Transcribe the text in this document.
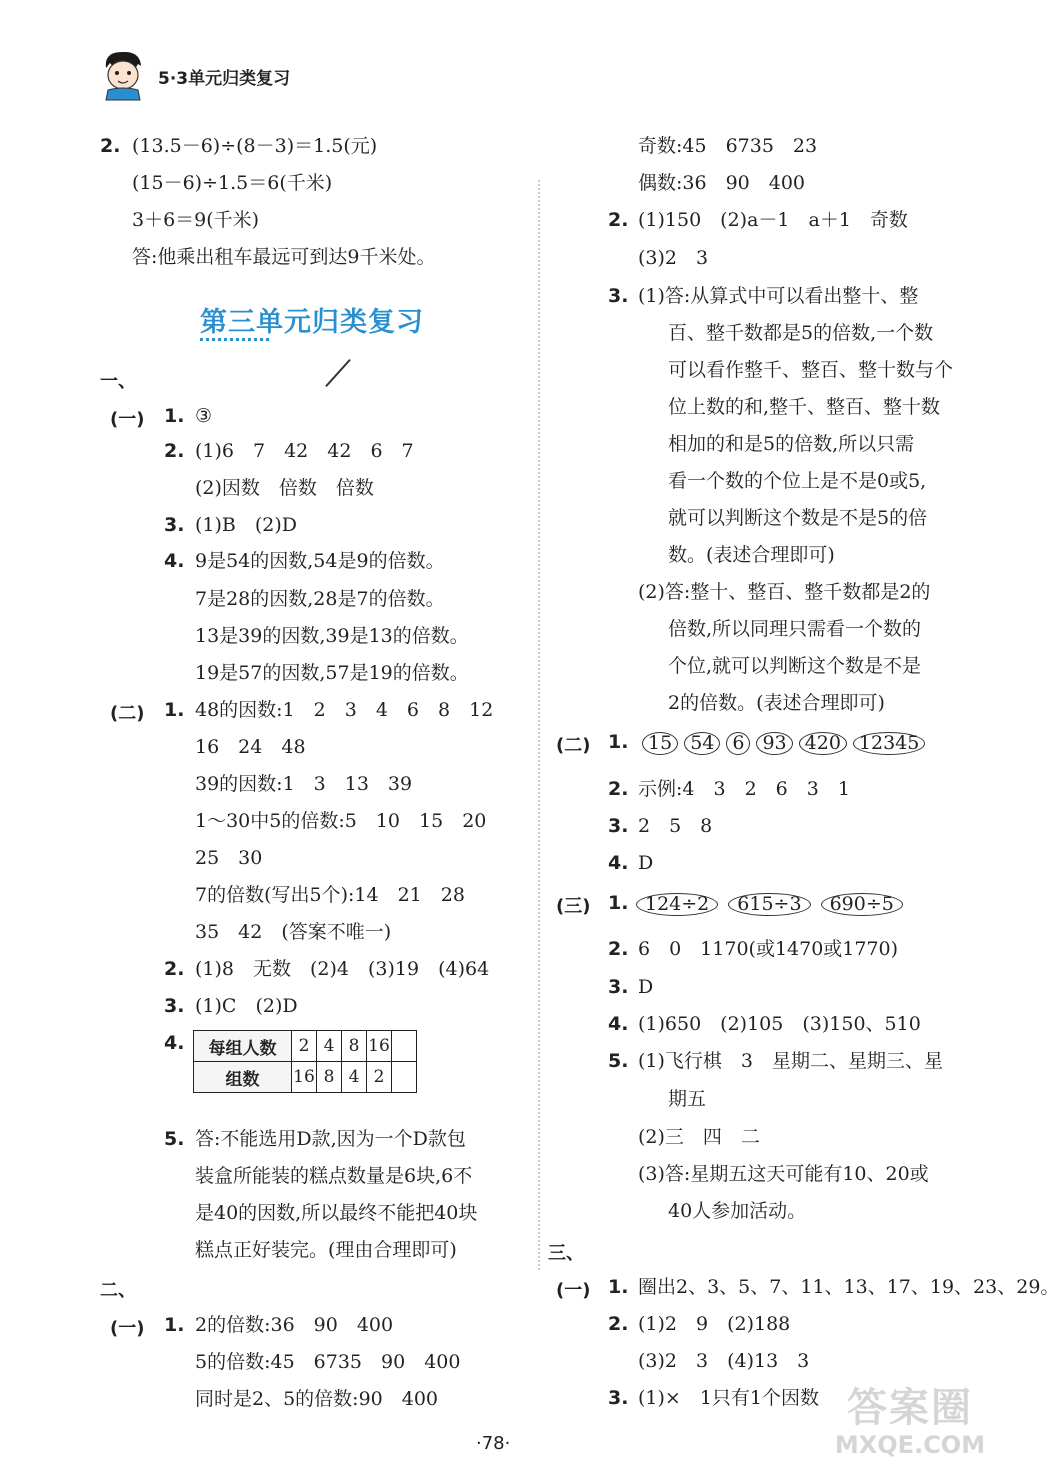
5·3单元归类复习
2. (13.5－6)÷(8－3)＝1.5(元)
(15－6)÷1.5＝6(千米)
3＋6＝9(千米)
答:他乘出租车最远可到达9千米处。
第三单元归类复习
一、
(一) 1. ③
2. (1)6　7　42　42　6　7
(2)因数　倍数　倍数
3. (1)B　(2)D
4. 9是54的因数,54是9的倍数。
7是28的因数,28是7的倍数。
13是39的因数,39是13的倍数。
19是57的因数,57是19的倍数。
(二) 1. 48的因数:1　2　3　4　6　8　12
16　24　48
39的因数:1　3　13　39
1～30中5的倍数:5　10　15　20
25　30
7的倍数(写出5个):14　21　28
35　42　(答案不唯一)
2. (1)8　无数　(2)4　(3)19　(4)64
3. (1)C　(2)D
4. 每组人数	2	4	8	16	
组数	16	8	4	2	
5. 答:不能选用D款,因为一个D款包
装盒所能装的糕点数量是6块,6不
是40的因数,所以最终不能把40块
糕点正好装完。(理由合理即可)
二、
(一) 1. 2的倍数:36　90　400
5的倍数:45　6735　90　400
同时是2、5的倍数:90　400
奇数:45　6735　23
偶数:36　90　400
2. (1)150　(2)a－1　a＋1　奇数
(3)2　3
3. (1)答:从算式中可以看出整十、整
百、整千数都是5的倍数,一个数
可以看作整千、整百、整十数与个
位上数的和,整千、整百、整十数
相加的和是5的倍数,所以只需
看一个数的个位上是不是0或5,
就可以判断这个数是不是5的倍
数。(表述合理即可)
(2)答:整十、整百、整千数都是2的
倍数,所以同理只需看一个数的
个位,就可以判断这个数是不是
2的倍数。(表述合理即可)
(二) 1.	15 54 6 93 420 12345
2. 示例:4　3　2　6　3　1
3. 2　5　8
4. D
(三) 1. 124÷2 615÷3 690÷5
2. 6　0　1170(或1470或1770)
3. D
4. (1)650　(2)105　(3)150、510
5. (1)飞行棋　3　星期二、星期三、星
期五
(2)三　四　二
(3)答:星期五这天可能有10、20或
40人参加活动。
三、
(一) 1. 圈出2、3、5、7、11、13、17、19、23、29。
2. (1)2　9　(2)188
(3)2　3　(4)13　3
3. (1)×　1只有1个因数 答案圈
MXQE.COM
·78·
